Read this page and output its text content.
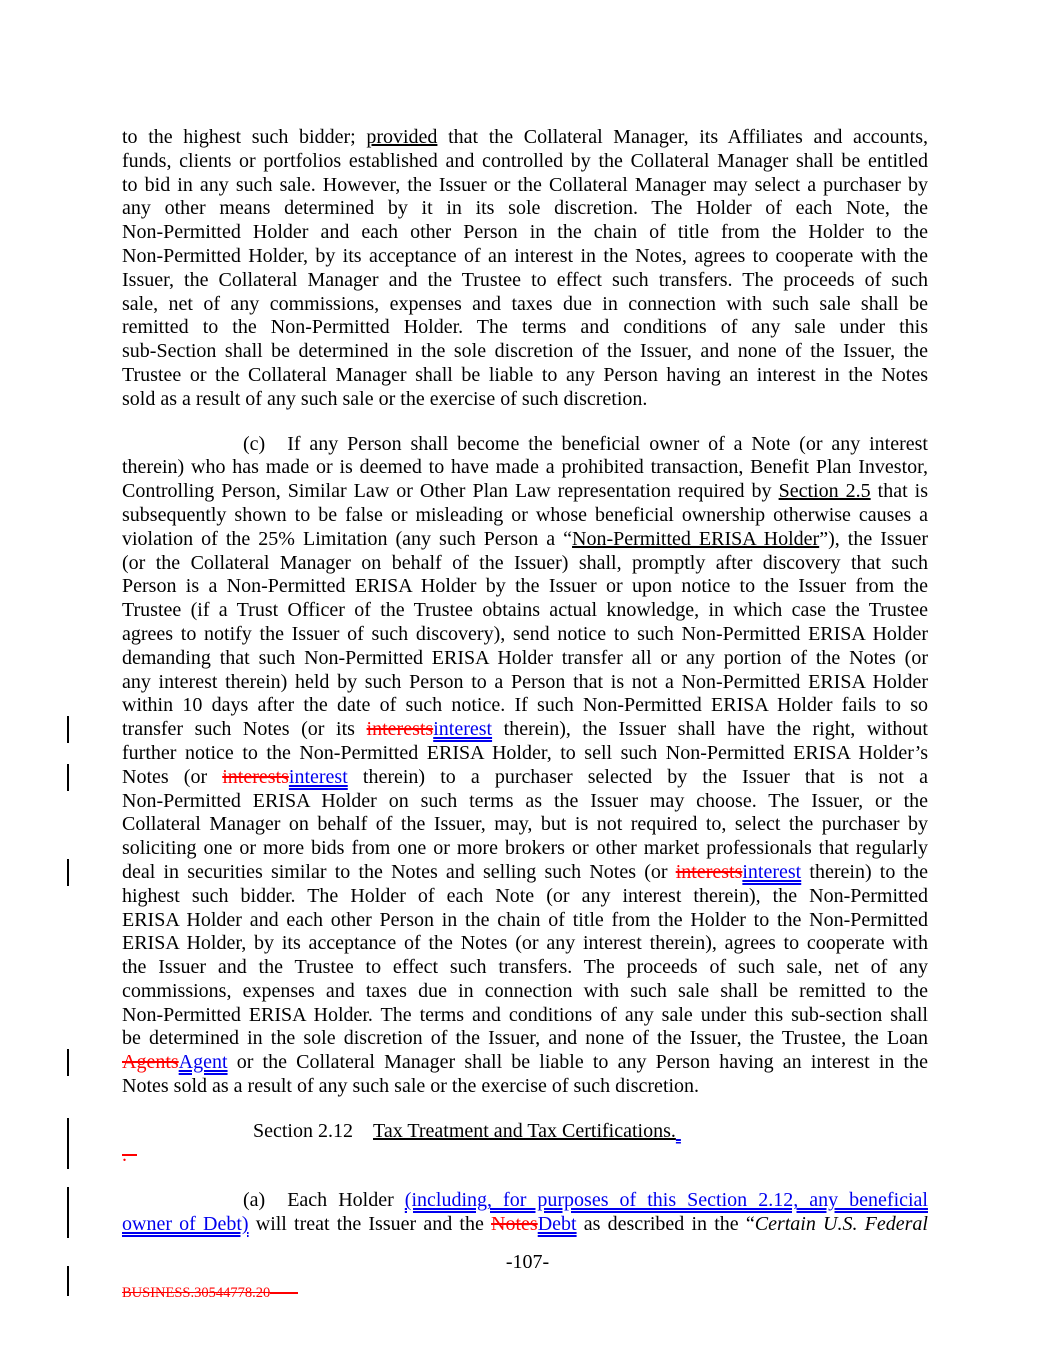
to the highest such bidder; provided that the Collateral Manager, its Affiliates and accounts,
funds, clients or portfolios established and controlled by the Collateral Manager shall be entitled
to bid in any such sale. However, the Issuer or the Collateral Manager may select a purchaser by
any other means determined by it in its sole discretion. The Holder of each Note, the
Non-Permitted Holder and each other Person in the chain of title from the Holder to the
Non-Permitted Holder, by its acceptance of an interest in the Notes, agrees to cooperate with the
Issuer, the Collateral Manager and the Trustee to effect such transfers. The proceeds of such
sale, net of any commissions, expenses and taxes due in connection with such sale shall be
remitted to the Non-Permitted Holder. The terms and conditions of any sale under this
sub-Section shall be determined in the sole discretion of the Issuer, and none of the Issuer, the
Trustee or the Collateral Manager shall be liable to any Person having an interest in the Notes
sold as a result of any such sale or the exercise of such discretion.
(c) If any Person shall become the beneficial owner of a Note (or any interest
therein) who has made or is deemed to have made a prohibited transaction, Benefit Plan Investor,
Controlling Person, Similar Law or Other Plan Law representation required by Section 2.5 that is
subsequently shown to be false or misleading or whose beneficial ownership otherwise causes a
violation of the 25% Limitation (any such Person a “Non-Permitted ERISA Holder”), the Issuer
(or the Collateral Manager on behalf of the Issuer) shall, promptly after discovery that such
Person is a Non-Permitted ERISA Holder by the Issuer or upon notice to the Issuer from the
Trustee (if a Trust Officer of the Trustee obtains actual knowledge, in which case the Trustee
agrees to notify the Issuer of such discovery), send notice to such Non-Permitted ERISA Holder
demanding that such Non-Permitted ERISA Holder transfer all or any portion of the Notes (or
any interest therein) held by such Person to a Person that is not a Non-Permitted ERISA Holder
within 10 days after the date of such notice. If such Non-Permitted ERISA Holder fails to so
transfer such Notes (or its interestsinterest therein), the Issuer shall have the right, without
further notice to the Non-Permitted ERISA Holder, to sell such Non-Permitted ERISA Holder’s
Notes (or interestsinterest therein) to a purchaser selected by the Issuer that is not a
Non-Permitted ERISA Holder on such terms as the Issuer may choose. The Issuer, or the
Collateral Manager on behalf of the Issuer, may, but is not required to, select the purchaser by
soliciting one or more bids from one or more brokers or other market professionals that regularly
deal in securities similar to the Notes and selling such Notes (or interestsinterest therein) to the
highest such bidder. The Holder of each Note (or any interest therein), the Non-Permitted
ERISA Holder and each other Person in the chain of title from the Holder to the Non-Permitted
ERISA Holder, by its acceptance of the Notes (or any interest therein), agrees to cooperate with
the Issuer and the Trustee to effect such transfers. The proceeds of such sale, net of any
commissions, expenses and taxes due in connection with such sale shall be remitted to the
Non-Permitted ERISA Holder. The terms and conditions of any sale under this sub-section shall
be determined in the sole discretion of the Issuer, and none of the Issuer, the Trustee, the Loan
AgentsAgent or the Collateral Manager shall be liable to any Person having an interest in the
Notes sold as a result of any such sale or the exercise of such discretion.
Section 2.12 Tax Treatment and Tax Certifications.
.
(a) Each Holder (including, for purposes of this Section 2.12, any beneficial
owner of Debt) will treat the Issuer and the NotesDebt as described in the “Certain U.S. Federal
-107-
BUSINESS.30544778.20
